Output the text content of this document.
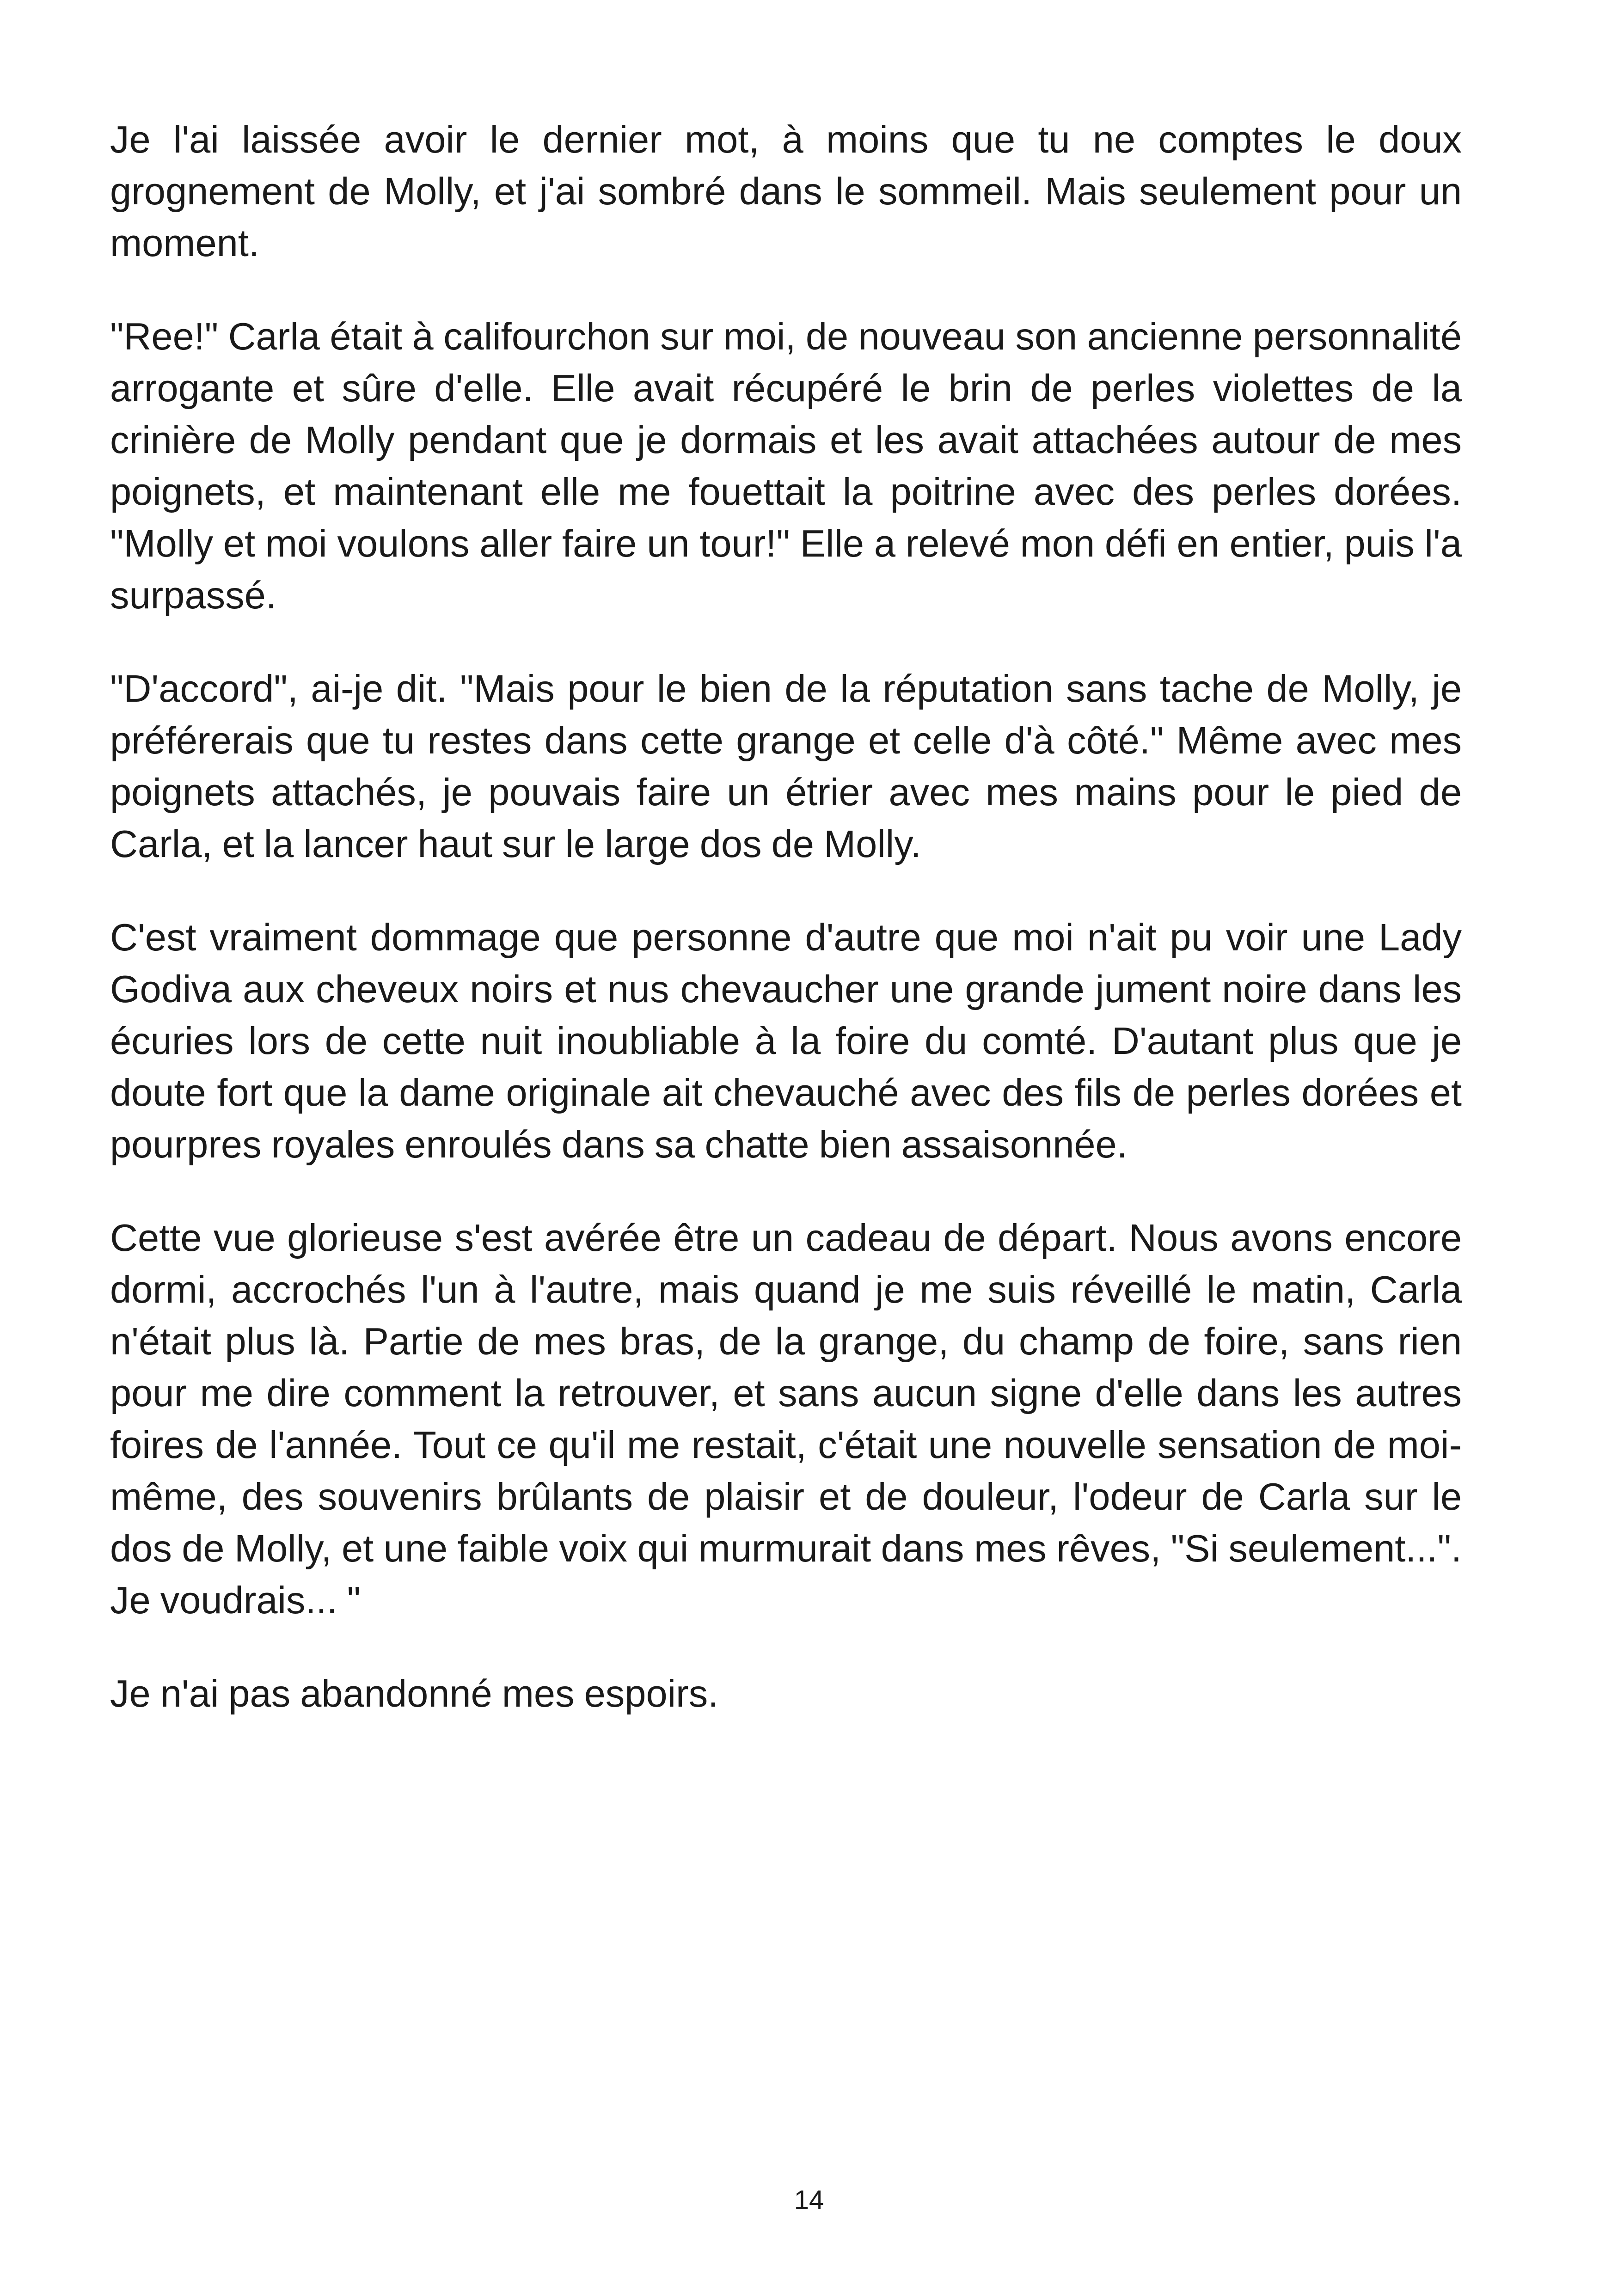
Je l'ai laissée avoir le dernier mot, à moins que tu ne comptes le doux grognement de Molly, et j'ai sombré dans le sommeil. Mais seulement pour un moment.

"Ree!" Carla était à califourchon sur moi, de nouveau son ancienne personnalité arrogante et sûre d'elle. Elle avait récupéré le brin de perles violettes de la crinière de Molly pendant que je dormais et les avait attachées autour de mes poignets, et maintenant elle me fouettait la poitrine avec des perles dorées. "Molly et moi voulons aller faire un tour!" Elle a relevé mon défi en entier, puis l'a surpassé.

"D'accord", ai-je dit. "Mais pour le bien de la réputation sans tache de Molly, je préférerais que tu restes dans cette grange et celle d'à côté." Même avec mes poignets attachés, je pouvais faire un étrier avec mes mains pour le pied de Carla, et la lancer haut sur le large dos de Molly.

C'est vraiment dommage que personne d'autre que moi n'ait pu voir une Lady Godiva aux cheveux noirs et nus chevaucher une grande jument noire dans les écuries lors de cette nuit inoubliable à la foire du comté. D'autant plus que je doute fort que la dame originale ait chevauché avec des fils de perles dorées et pourpres royales enroulés dans sa chatte bien assaisonnée.

Cette vue glorieuse s'est avérée être un cadeau de départ. Nous avons encore dormi, accrochés l'un à l'autre, mais quand je me suis réveillé le matin, Carla n'était plus là. Partie de mes bras, de la grange, du champ de foire, sans rien pour me dire comment la retrouver, et sans aucun signe d'elle dans les autres foires de l'année. Tout ce qu'il me restait, c'était une nouvelle sensation de moi-même, des souvenirs brûlants de plaisir et de douleur, l'odeur de Carla sur le dos de Molly, et une faible voix qui murmurait dans mes rêves, "Si seulement...". Je voudrais... "

Je n'ai pas abandonné mes espoirs.

14
